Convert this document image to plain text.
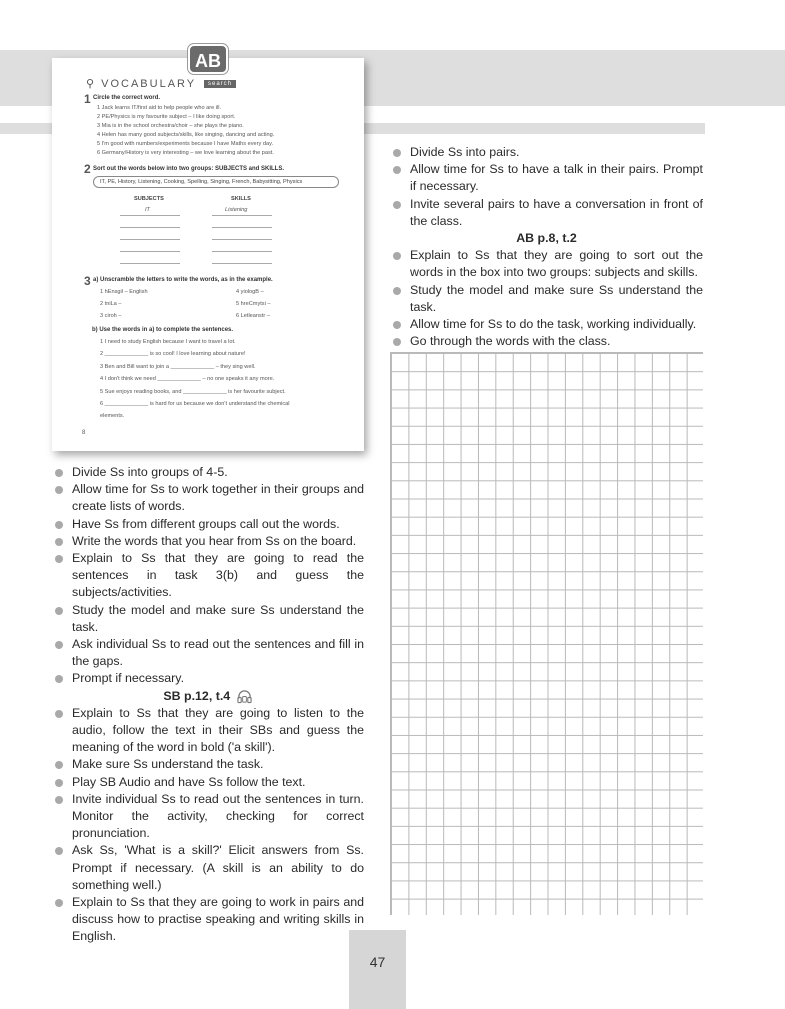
AB
⚲ VOCABULARY search
1 Circle the correct word.
1 Jack learns IT/first aid to help people who are ill.
2 PE/Physics is my favourite subject – I like doing sport.
3 Mia is in the school orchestra/choir – she plays the piano.
4 Helen has many good subjects/skills, like singing, dancing and acting.
5 I'm good with numbers/experiments because I have Maths every day.
6 Germany/History is very interesting – we love learning about the past.
2 Sort out the words below into two groups: SUBJECTS and SKILLS.
IT, PE, History, Listening, Cooking, Spelling, Singing, French, Babysitting, Physics
SUBJECTS	SKILLS
IT	Listening
3 a) Unscramble the letters to write the words, as in the example.
1 hEnsgil – English
2 tniLa –
3 ciroh –
4 yiologB –
5 hreCmytsi –
6 Letleanstr –
b) Use the words in a) to complete the sentences.
1 I need to study English because I want to travel a lot.
2 ______________ is so cool! I love learning about nature!
3 Ben and Bill want to join a ______________ – they sing well.
4 I don't think we need ______________ – no one speaks it any more.
5 Sue enjoys reading books, and ______________ is her favourite subject.
6 ______________ is hard for us because we don't understand the chemical
elements.
8
Divide Ss into groups of 4-5.
Allow time for Ss to work together in their groups and create lists of words.
Have Ss from different groups call out the words.
Write the words that you hear from Ss on the board.
Explain to Ss that they are going to read the sentences in task 3(b) and guess the subjects/activities.
Study the model and make sure Ss understand the task.
Ask individual Ss to read out the sentences and fill in the gaps.
Prompt if necessary.
SB p.12, t.4
Explain to Ss that they are going to listen to the audio, follow the text in their SBs and guess the meaning of the word in bold ('a skill').
Make sure Ss understand the task.
Play SB Audio and have Ss follow the text.
Invite individual Ss to read out the sentences in turn. Monitor the activity, checking for correct pronunciation.
Ask Ss, 'What is a skill?' Elicit answers from Ss. Prompt if necessary. (A skill is an ability to do something well.)
Explain to Ss that they are going to work in pairs and discuss how to practise speaking and writing skills in English.
Divide Ss into pairs.
Allow time for Ss to have a talk in their pairs. Prompt if necessary.
Invite several pairs to have a conversation in front of the class.
AB p.8, t.2
Explain to Ss that they are going to sort out the words in the box into two groups: subjects and skills.
Study the model and make sure Ss understand the task.
Allow time for Ss to do the task, working individually.
Go through the words with the class.
47
